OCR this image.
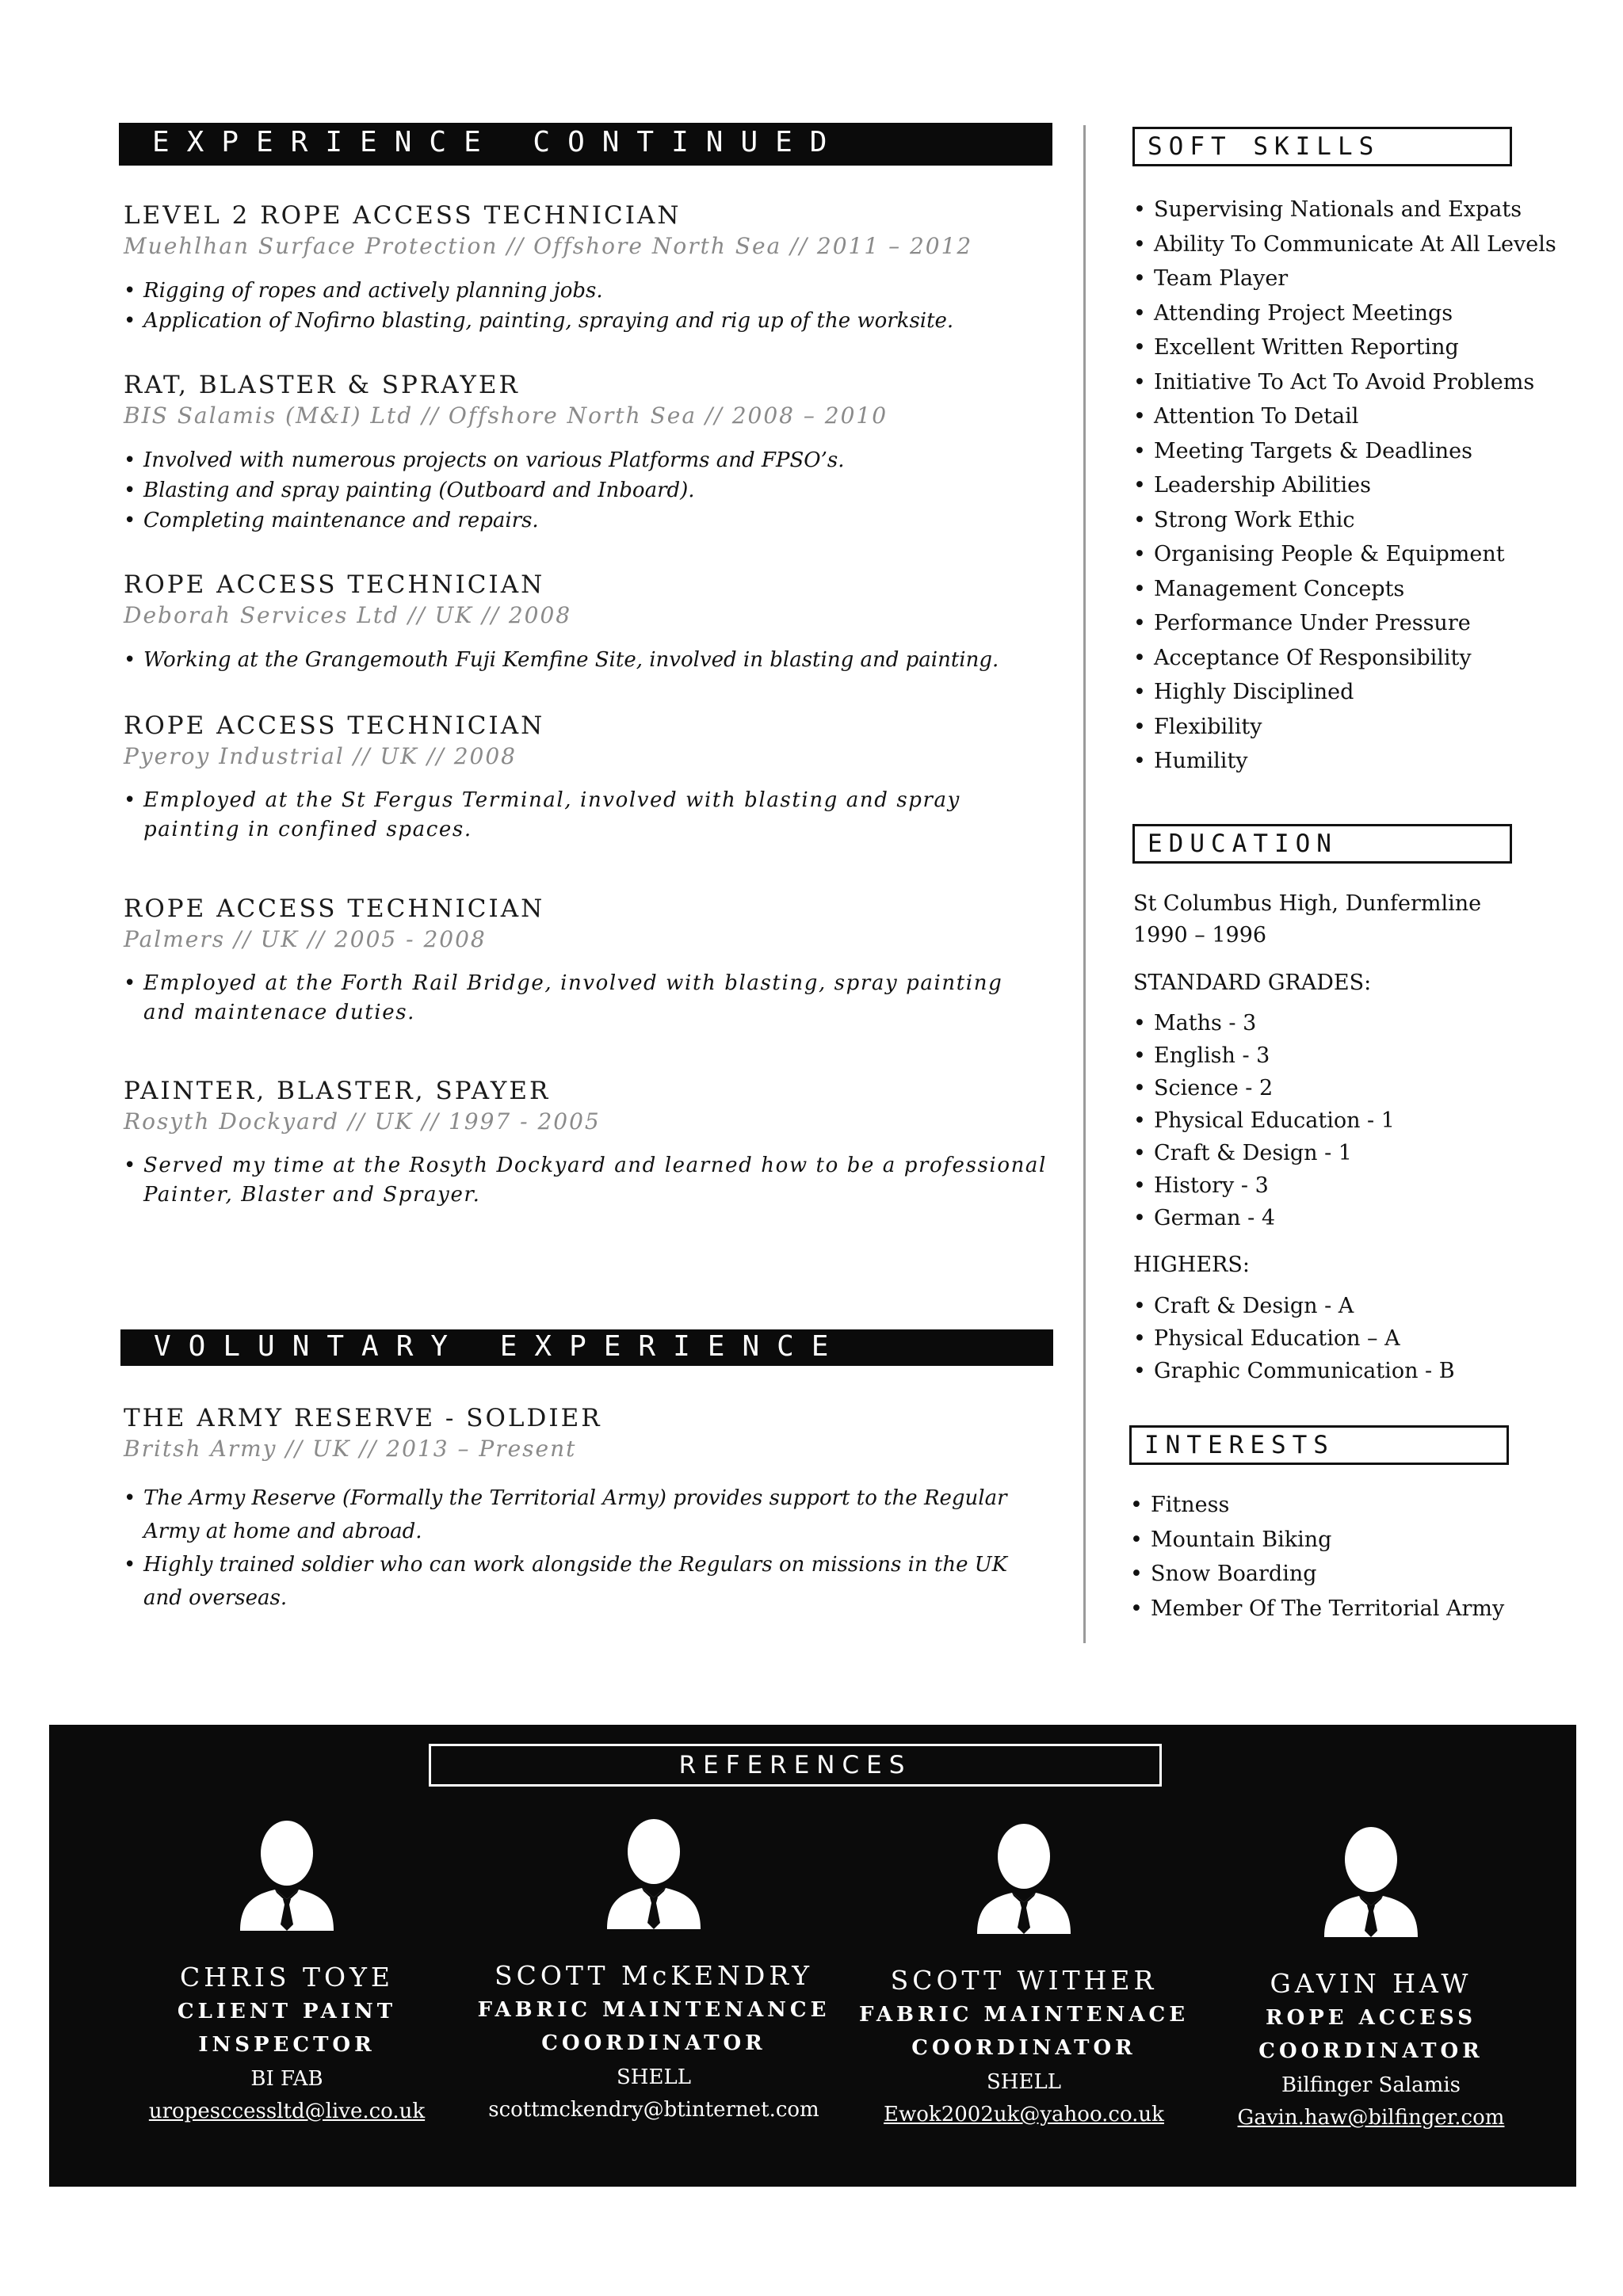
EXPERIENCE CONTINUED
LEVEL 2 ROPE ACCESS TECHNICIAN
Muehlhan Surface Protection // Offshore North Sea // 2011 – 2012
• Rigging of ropes and actively planning jobs.
• Application of Nofirno blasting, painting, spraying and rig up of the worksite.
RAT, BLASTER & SPRAYER
BIS Salamis (M&I) Ltd // Offshore North Sea // 2008 – 2010
• Involved with numerous projects on various Platforms and FPSO’s.
• Blasting and spray painting (Outboard and Inboard).
• Completing maintenance and repairs.
ROPE ACCESS TECHNICIAN
Deborah Services Ltd // UK // 2008
• Working at the Grangemouth Fuji Kemfine Site, involved in blasting and painting.
ROPE ACCESS TECHNICIAN
Pyeroy Industrial // UK // 2008
• Employed at the St Fergus Terminal, involved with blasting and spray painting in confined spaces.
ROPE ACCESS TECHNICIAN
Palmers // UK // 2005 - 2008
• Employed at the Forth Rail Bridge, involved with blasting, spray painting and maintenace duties.
PAINTER, BLASTER, SPAYER
Rosyth Dockyard // UK // 1997 - 2005
• Served my time at the Rosyth Dockyard and learned how to be a professional Painter, Blaster and Sprayer.
VOLUNTARY EXPERIENCE
THE ARMY RESERVE - SOLDIER
Britsh Army // UK // 2013 – Present
• The Army Reserve (Formally the Territorial Army) provides support to the Regular Army at home and abroad.
• Highly trained soldier who can work alongside the Regulars on missions in the UK and overseas.
SOFT SKILLS
• Supervising Nationals and Expats
• Ability To Communicate At All Levels
• Team Player
• Attending Project Meetings
• Excellent Written Reporting
• Initiative To Act To Avoid Problems
• Attention To Detail
• Meeting Targets & Deadlines
• Leadership Abilities
• Strong Work Ethic
• Organising People & Equipment
• Management Concepts
• Performance Under Pressure
• Acceptance Of Responsibility
• Highly Disciplined
• Flexibility
• Humility
EDUCATION
St Columbus High, Dunfermline
1990 – 1996
STANDARD GRADES:
• Maths - 3
• English - 3
• Science - 2
• Physical Education - 1
• Craft & Design - 1
• History - 3
• German - 4
HIGHERS:
• Craft & Design - A
• Physical Education – A
• Graphic Communication - B
INTERESTS
• Fitness
• Mountain Biking
• Snow Boarding
• Member Of The Territorial Army
REFERENCES
CHRIS TOYE
CLIENT PAINT
INSPECTOR
BI FAB
uropesccessltd@live.co.uk
SCOTT McKENDRY
FABRIC MAINTENANCE
COORDINATOR
SHELL
scottmckendry@btinternet.com
SCOTT WITHER
FABRIC MAINTENACE
COORDINATOR
SHELL
Ewok2002uk@yahoo.co.uk
GAVIN HAW
ROPE ACCESS
COORDINATOR
Bilfinger Salamis
Gavin.haw@bilfinger.com
